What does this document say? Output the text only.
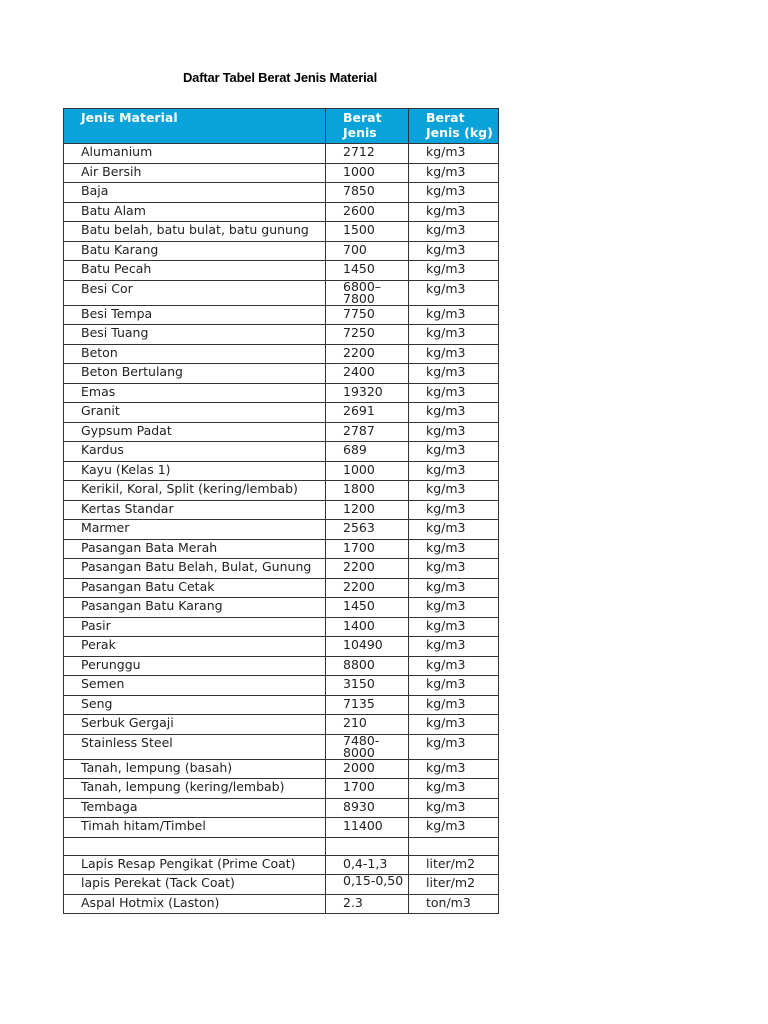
Daftar Tabel Berat Jenis Material
Jenis Material	Berat Jenis	Berat Jenis (kg)
Alumanium	2712	kg/m3
Air Bersih	1000	kg/m3
Baja	7850	kg/m3
Batu Alam	2600	kg/m3
Batu belah, batu bulat, batu gunung	1500	kg/m3
Batu Karang	700	kg/m3
Batu Pecah	1450	kg/m3
Besi Cor	6800–7800	kg/m3
Besi Tempa	7750	kg/m3
Besi Tuang	7250	kg/m3
Beton	2200	kg/m3
Beton Bertulang	2400	kg/m3
Emas	19320	kg/m3
Granit	2691	kg/m3
Gypsum Padat	2787	kg/m3
Kardus	689	kg/m3
Kayu (Kelas 1)	1000	kg/m3
Kerikil, Koral, Split (kering/lembab)	1800	kg/m3
Kertas Standar	1200	kg/m3
Marmer	2563	kg/m3
Pasangan Bata Merah	1700	kg/m3
Pasangan Batu Belah, Bulat, Gunung	2200	kg/m3
Pasangan Batu Cetak	2200	kg/m3
Pasangan Batu Karang	1450	kg/m3
Pasir	1400	kg/m3
Perak	10490	kg/m3
Perunggu	8800	kg/m3
Semen	3150	kg/m3
Seng	7135	kg/m3
Serbuk Gergaji	210	kg/m3
Stainless Steel	7480-8000	kg/m3
Tanah, lempung (basah)	2000	kg/m3
Tanah, lempung (kering/lembab)	1700	kg/m3
Tembaga	8930	kg/m3
Timah hitam/Timbel	11400	kg/m3

Lapis Resap Pengikat (Prime Coat)	0,4-1,3	liter/m2
lapis Perekat (Tack Coat)	0,15-0,50	liter/m2
Aspal Hotmix (Laston)	2.3	ton/m3
